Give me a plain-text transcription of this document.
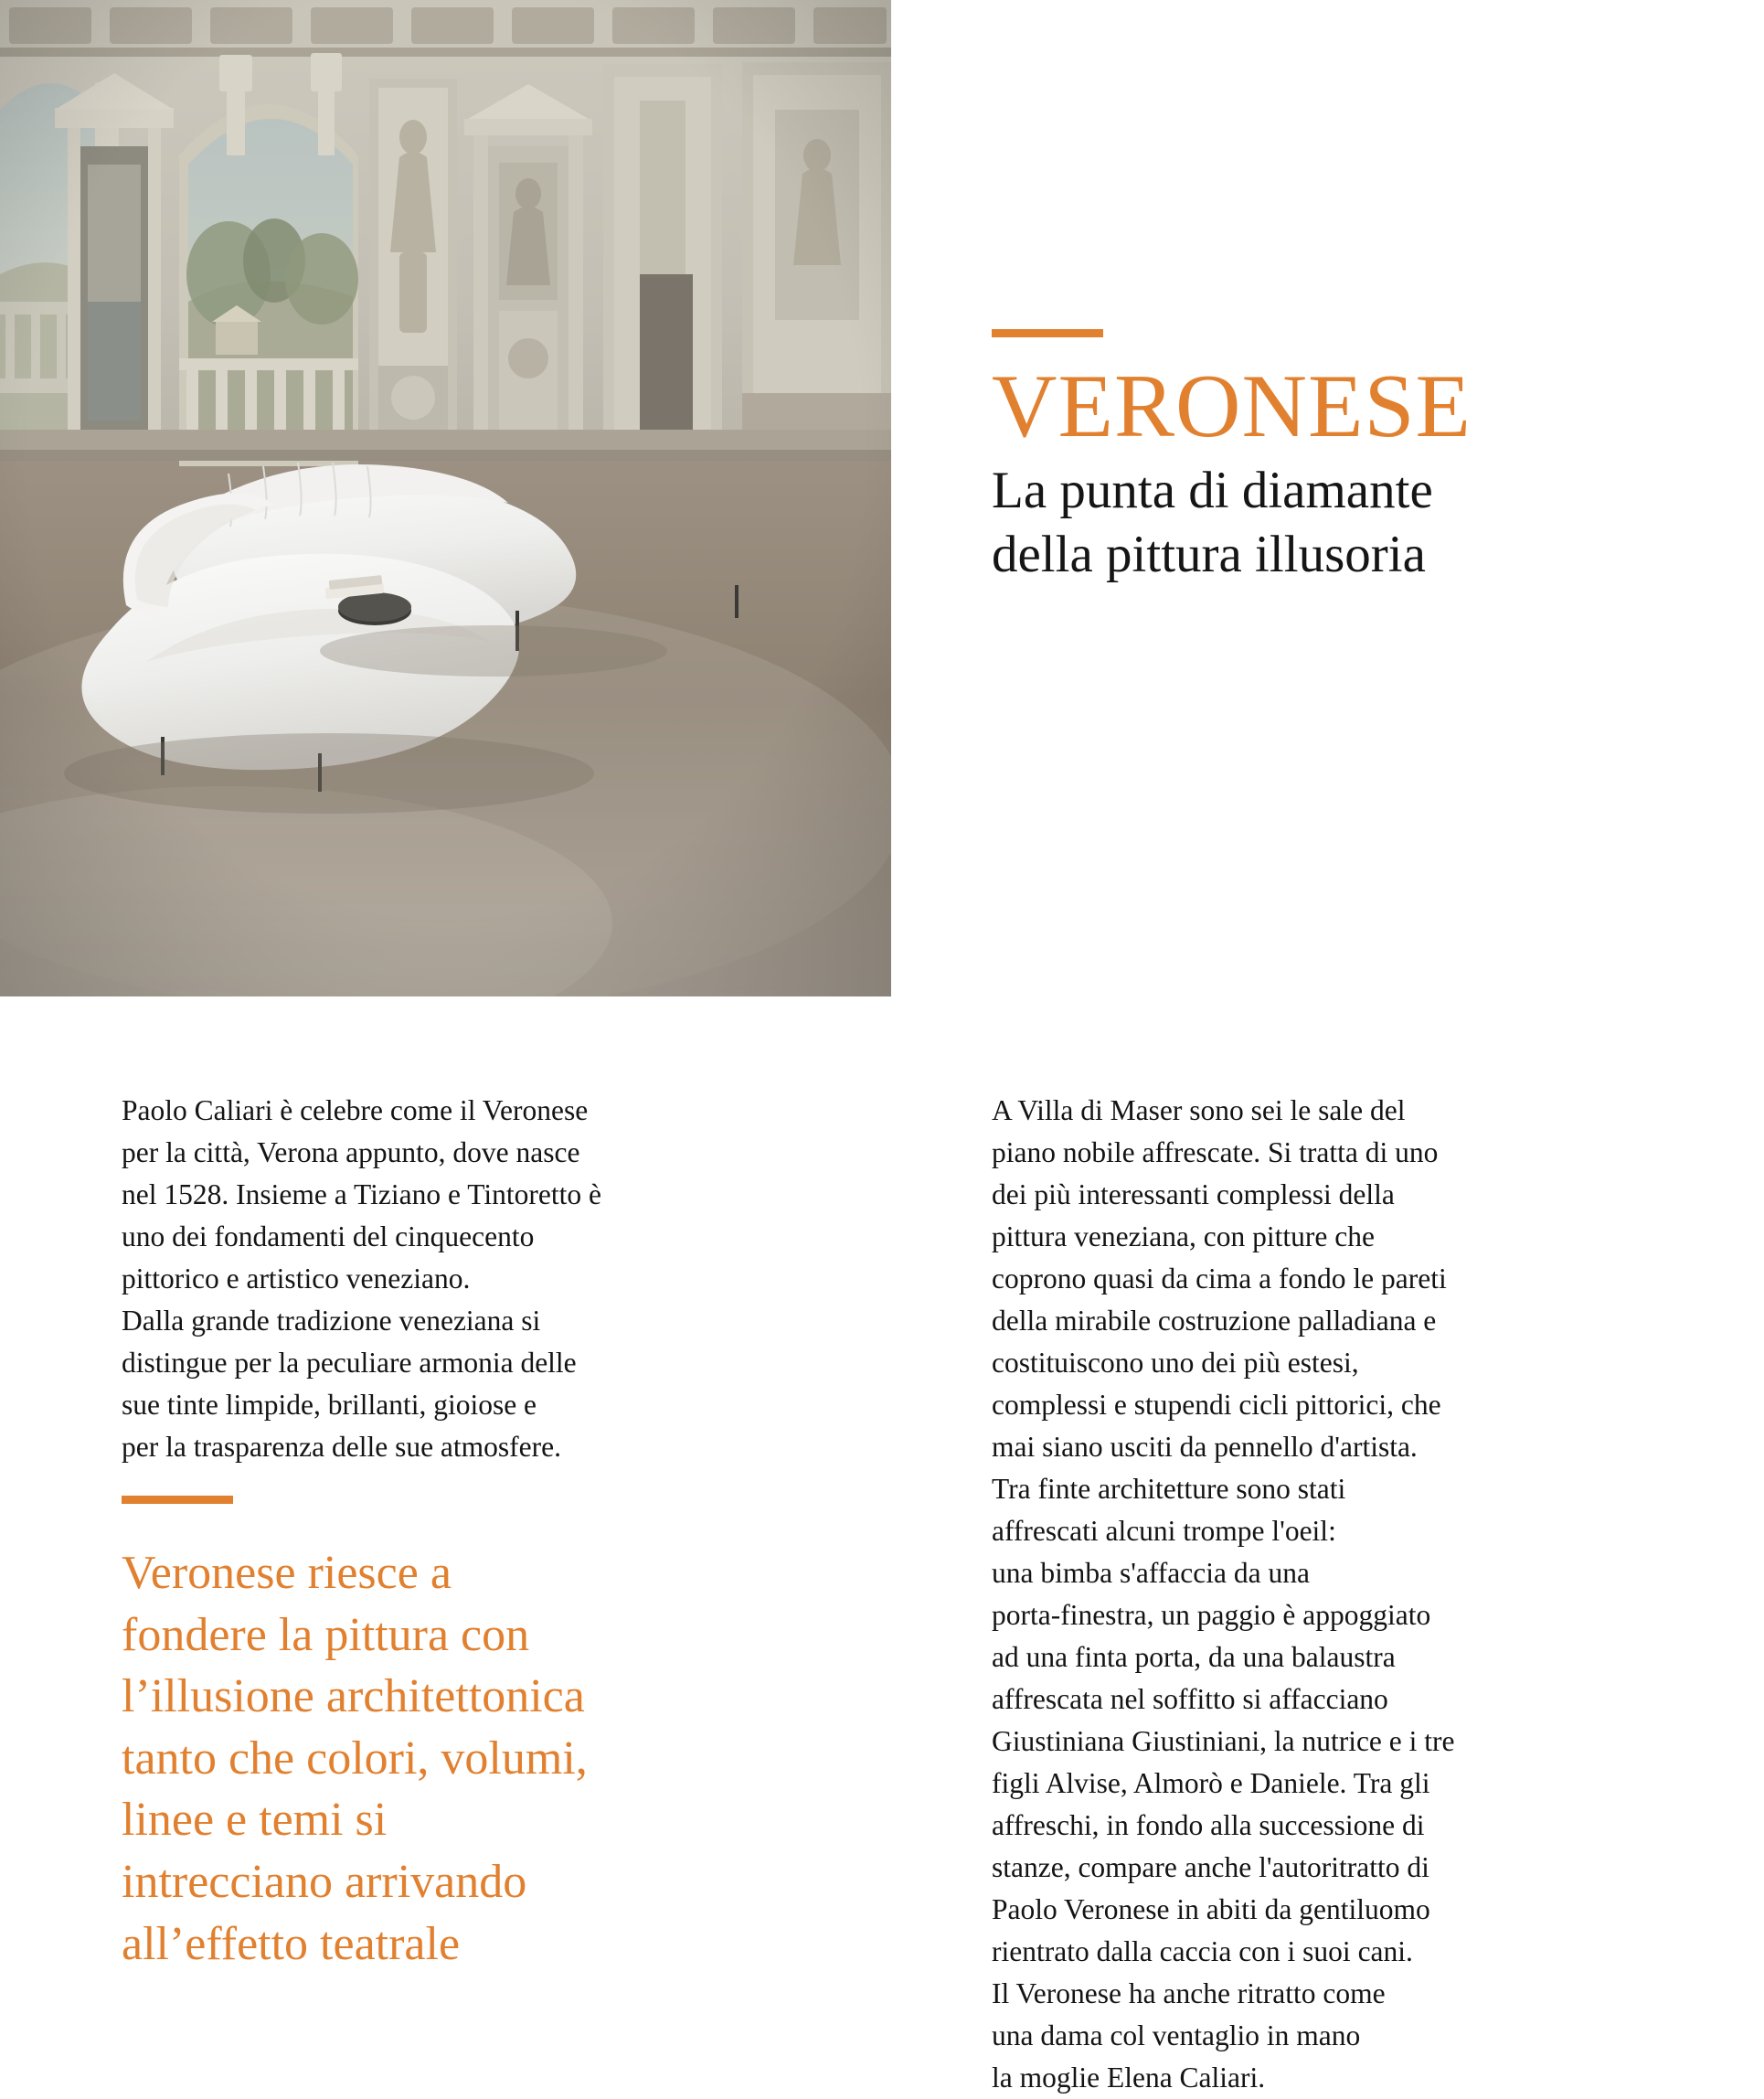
VERONESE
La punta di diamante
della pittura illusoria

Paolo Caliari è celebre come il Veronese

per la città, Verona appunto, dove nasce

nel 1528. Insieme a Tiziano e Tintoretto è

uno dei fondamenti del cinquecento

pittorico e artistico veneziano.

Dalla grande tradizione veneziana si

distingue per la peculiare armonia delle

sue tinte limpide, brillanti, gioiose e

per la trasparenza delle sue atmosfere.

Veronese riesce a
fondere la pittura con
l’illusione architettonica
tanto che colori, volumi,
linee e temi si
intrecciano arrivando
all’effetto teatrale

A Villa di Maser sono sei le sale del

piano nobile affrescate. Si tratta di uno

dei più interessanti complessi della

pittura veneziana, con pitture che

coprono quasi da cima a fondo le pareti

della mirabile costruzione palladiana e

costituiscono uno dei più estesi,

complessi e stupendi cicli pittorici, che

mai siano usciti da pennello d'artista.

Tra finte architetture sono stati

affrescati alcuni trompe l'oeil:

una bimba s'affaccia da una

porta-finestra, un paggio è appoggiato

ad una finta porta, da una balaustra

affrescata nel soffitto si affacciano

Giustiniana Giustiniani, la nutrice e i tre

figli Alvise, Almorò e Daniele. Tra gli

affreschi, in fondo alla successione di

stanze, compare anche l'autoritratto di

Paolo Veronese in abiti da gentiluomo

rientrato dalla caccia con i suoi cani.

Il Veronese ha anche ritratto come

una dama col ventaglio in mano

la moglie Elena Caliari.
